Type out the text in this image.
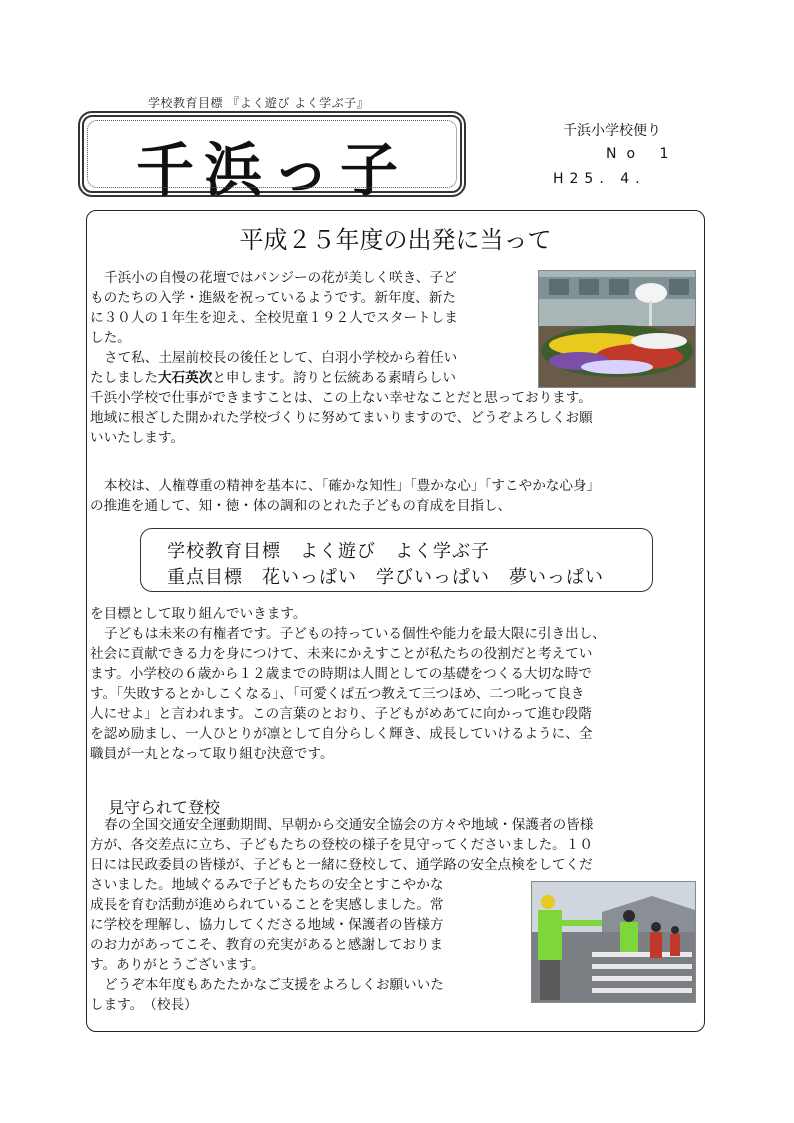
学校教育目標 『よく遊び よく学ぶ子』
千浜っ子
千浜小学校便り
No 1
H25. 4.
平成２５年度の出発に当って
千浜小の自慢の花壇ではパンジーの花が美しく咲き、子ど
ものたちの入学・進級を祝っているようです。新年度、新た
に３０人の１年生を迎え、全校児童１９２人でスタートしま
した。
さて私、土屋前校長の後任として、白羽小学校から着任い
たしました大石英次と申します。誇りと伝統ある素晴らしい
千浜小学校で仕事ができますことは、この上ない幸せなことだと思っております。
地域に根ざした開かれた学校づくりに努めてまいりますので、どうぞよろしくお願
いいたします。
本校は、人権尊重の精神を基本に、「確かな知性」「豊かな心」「すこやかな心身」
の推進を通して、知・徳・体の調和のとれた子どもの育成を目指し、
学校教育目標　よく遊び　よく学ぶ子
重点目標　花いっぱい　学びいっぱい　夢いっぱい
を目標として取り組んでいきます。
子どもは未来の有権者です。子どもの持っている個性や能力を最大限に引き出し、
社会に貢献できる力を身につけて、未来にかえすことが私たちの役割だと考えてい
ます。小学校の６歳から１２歳までの時期は人間としての基礎をつくる大切な時で
す。「失敗するとかしこくなる」、「可愛くば五つ教えて三つほめ、二つ叱って良き
人にせよ」と言われます。この言葉のとおり、子どもがめあてに向かって進む段階
を認め励まし、一人ひとりが凛として自分らしく輝き、成長していけるように、全
職員が一丸となって取り組む決意です。
見守られて登校
春の全国交通安全運動期間、早朝から交通安全協会の方々や地域・保護者の皆様
方が、各交差点に立ち、子どもたちの登校の様子を見守ってくださいました。１０
日には民政委員の皆様が、子どもと一緒に登校して、通学路の安全点検をしてくだ
さいました。地域ぐるみで子どもたちの安全とすこやかな
成長を育む活動が進められていることを実感しました。常
に学校を理解し、協力してくださる地域・保護者の皆様方
のお力があってこそ、教育の充実があると感謝しておりま
す。ありがとうございます。
どうぞ本年度もあたたかなご支援をよろしくお願いいた
します。　（校長）
